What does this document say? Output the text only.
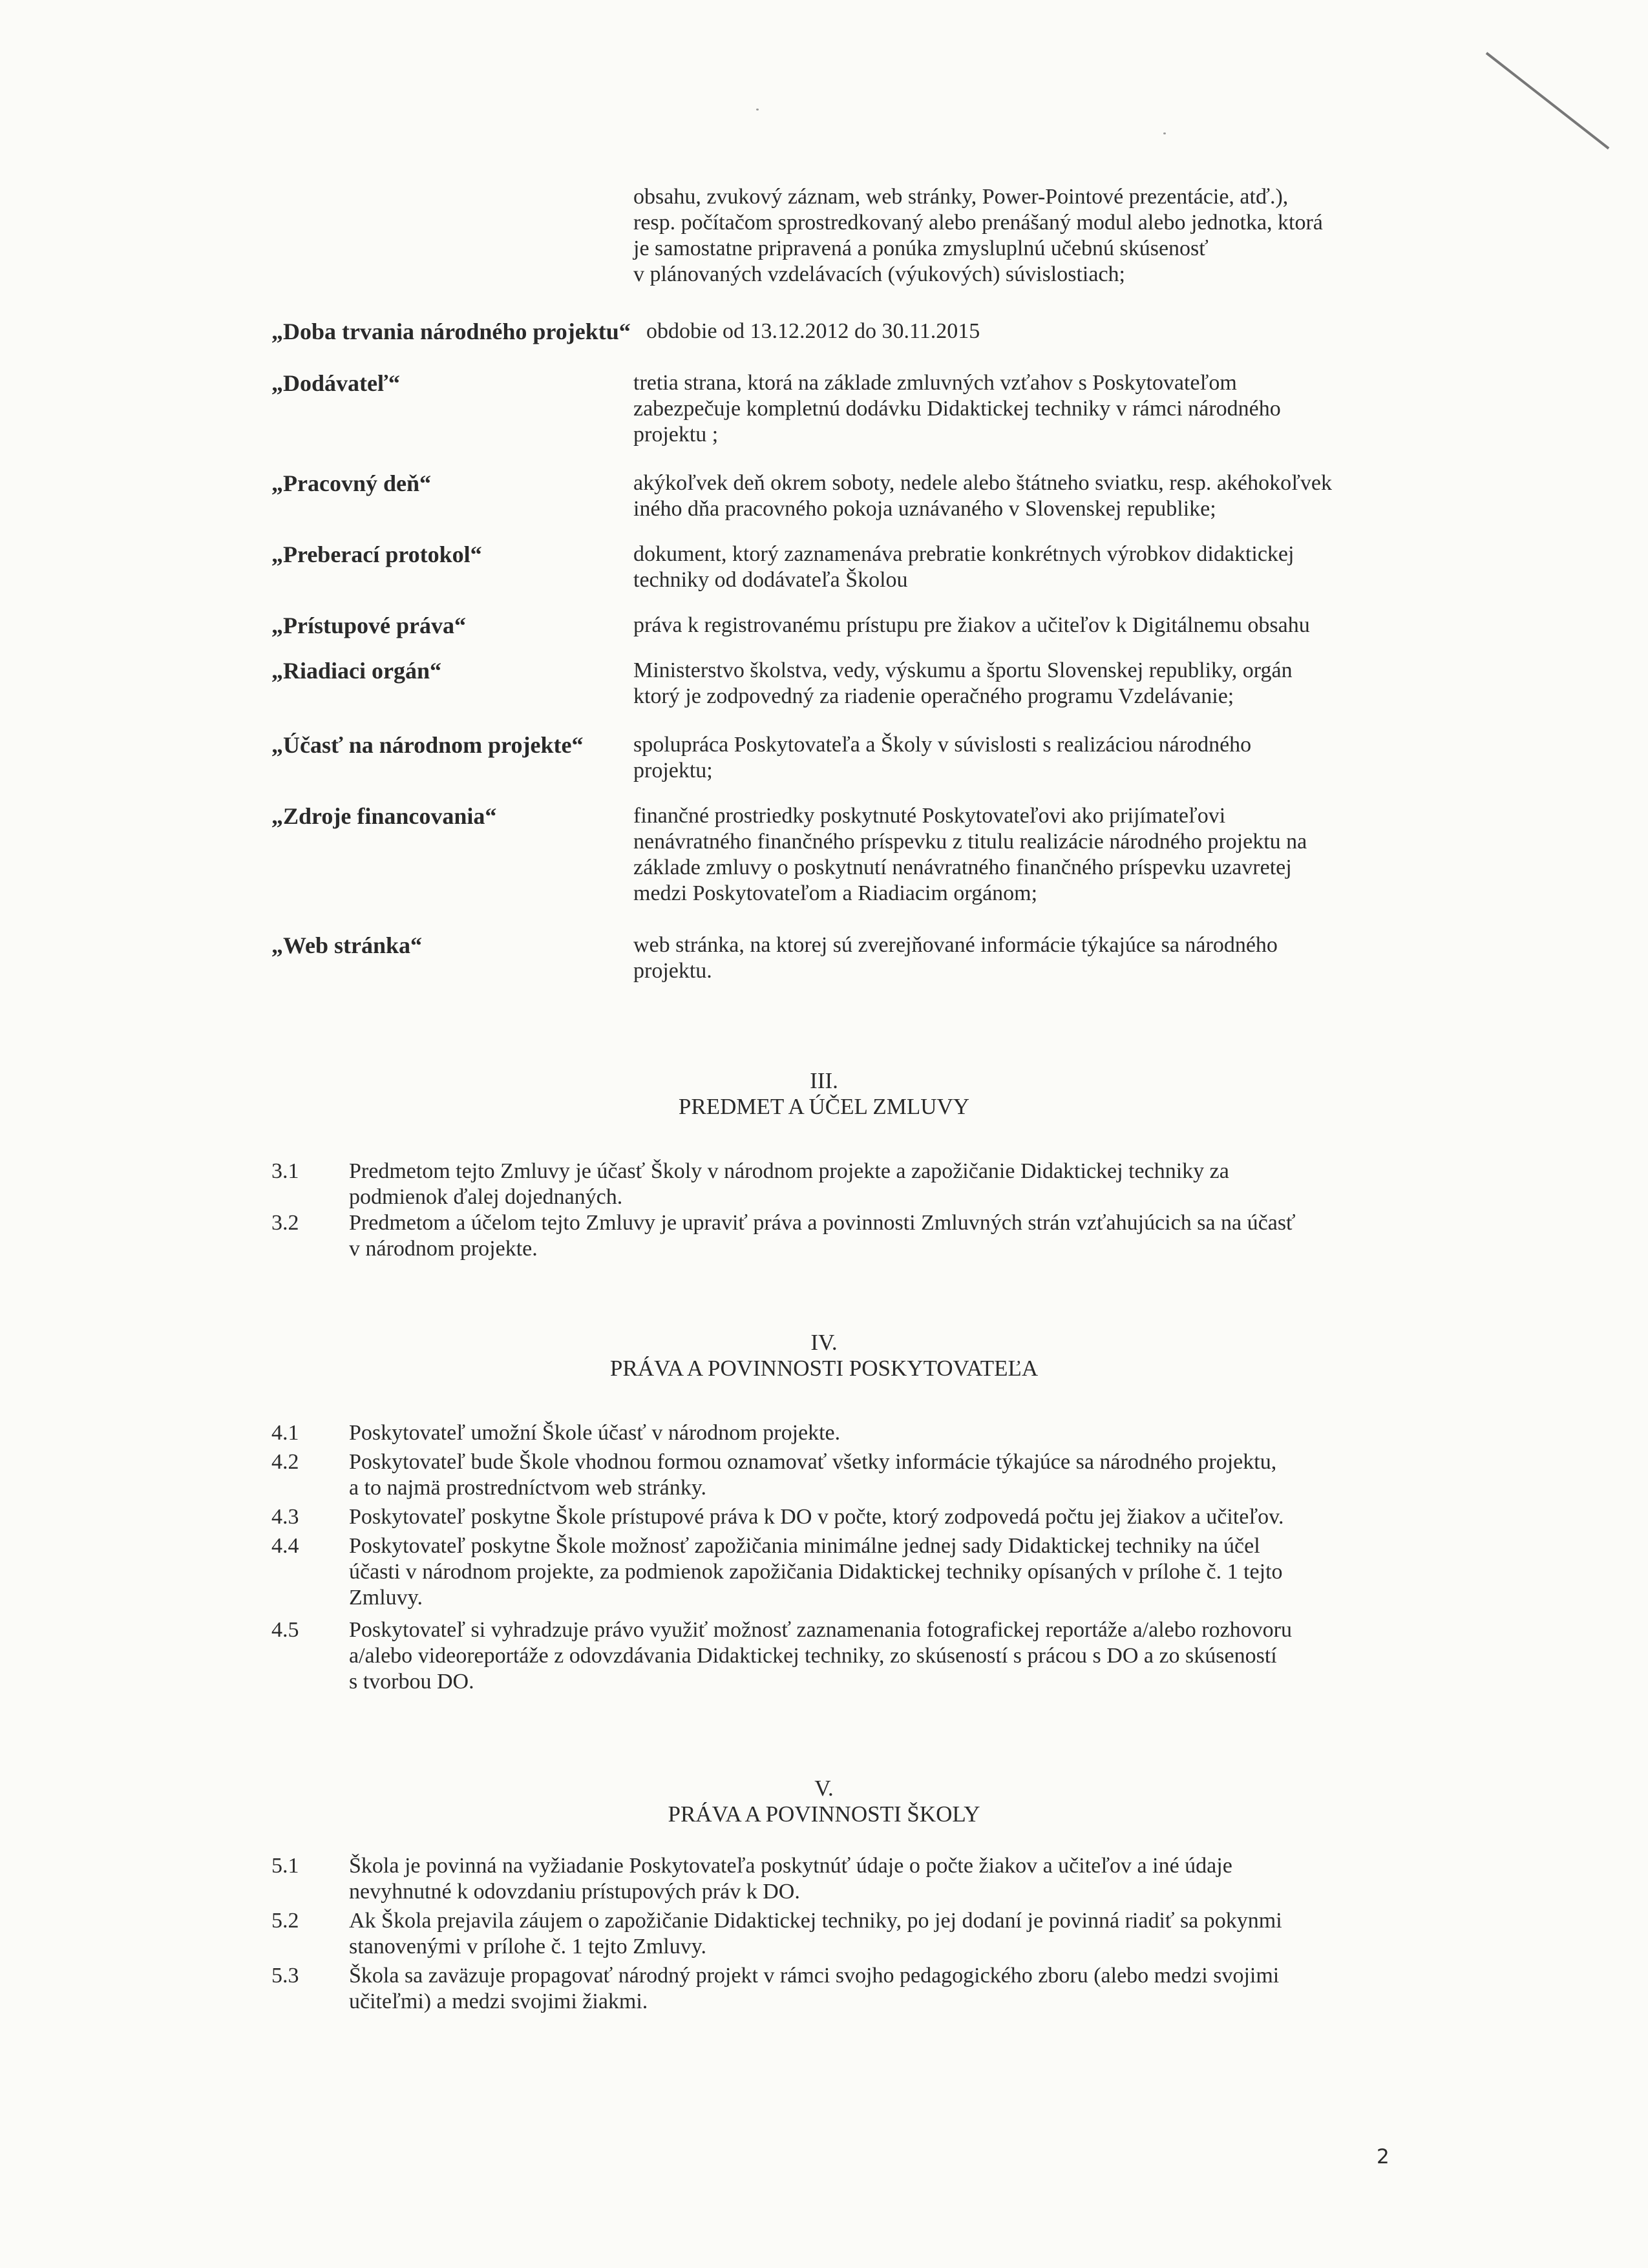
obsahu, zvukový záznam, web stránky, Power-Pointové prezentácie, atď.),

resp. počítačom sprostredkovaný alebo prenášaný modul alebo jednotka, ktorá

je samostatne pripravená a ponúka zmysluplnú učebnú skúsenosť

v plánovaných vzdelávacích (výukových) súvislostiach;

„Doba trvania národného projektu“ obdobie od 13.12.2012 do 30.11.2015

„Dodávateľ“	tretia strana, ktorá na základe zmluvných vzťahov s Poskytovateľom

zabezpečuje kompletnú dodávku Didaktickej techniky v rámci národného

projektu ;

„Pracovný deň“	akýkoľvek deň okrem soboty, nedele alebo štátneho sviatku, resp. akéhokoľvek

iného dňa pracovného pokoja uznávaného v Slovenskej republike;

„Preberací protokol“	dokument, ktorý zaznamenáva prebratie konkrétnych výrobkov didaktickej

techniky od dodávateľa Školou

„Prístupové práva“	práva k registrovanému prístupu pre žiakov a učiteľov k Digitálnemu obsahu

„Riadiaci orgán“	Ministerstvo školstva, vedy, výskumu a športu Slovenskej republiky, orgán

ktorý je zodpovedný za riadenie operačného programu Vzdelávanie;

„Účasť na národnom projekte“	spolupráca Poskytovateľa a Školy v súvislosti s realizáciou národného

projektu;

„Zdroje financovania“	finančné prostriedky poskytnuté Poskytovateľovi ako prijímateľovi

nenávratného finančného príspevku z titulu realizácie národného projektu na

základe zmluvy o poskytnutí nenávratného finančného príspevku uzavretej

medzi Poskytovateľom a Riadiacim orgánom;

„Web stránka“	web stránka, na ktorej sú zverejňované informácie týkajúce sa národného

projektu.

III.
PREDMET A ÚČEL ZMLUVY
3.1	Predmetom tejto Zmluvy je účasť Školy v národnom projekte a zapožičanie Didaktickej techniky za

podmienok ďalej dojednaných.

3.2	Predmetom a účelom tejto Zmluvy je upraviť práva a povinnosti Zmluvných strán vzťahujúcich sa na účasť

v národnom projekte.

IV.
PRÁVA A POVINNOSTI POSKYTOVATEĽA
4.1	Poskytovateľ umožní Škole účasť v národnom projekte.

4.2	Poskytovateľ bude Škole vhodnou formou oznamovať všetky informácie týkajúce sa národného projektu,

a to najmä prostredníctvom web stránky.

4.3	Poskytovateľ poskytne Škole prístupové práva k DO v počte, ktorý zodpovedá počtu jej žiakov a učiteľov.

4.4	Poskytovateľ poskytne Škole možnosť zapožičania minimálne jednej sady Didaktickej techniky na účel

účasti v národnom projekte, za podmienok zapožičania Didaktickej techniky opísaných v prílohe č. 1 tejto

Zmluvy.

4.5	Poskytovateľ si vyhradzuje právo využiť možnosť zaznamenania fotografickej reportáže a/alebo rozhovoru

a/alebo videoreportáže z odovzdávania Didaktickej techniky, zo skúseností s prácou s DO a zo skúseností

s tvorbou DO.

V.
PRÁVA A POVINNOSTI ŠKOLY
5.1	Škola je povinná na vyžiadanie Poskytovateľa poskytnúť údaje o počte žiakov a učiteľov a iné údaje

nevyhnutné k odovzdaniu prístupových práv k DO.

5.2	Ak Škola prejavila záujem o zapožičanie Didaktickej techniky, po jej dodaní je povinná riadiť sa pokynmi

stanovenými v prílohe č. 1 tejto Zmluvy.

5.3	Škola sa zaväzuje propagovať národný projekt v rámci svojho pedagogického zboru (alebo medzi svojimi

učiteľmi) a medzi svojimi žiakmi.

2
